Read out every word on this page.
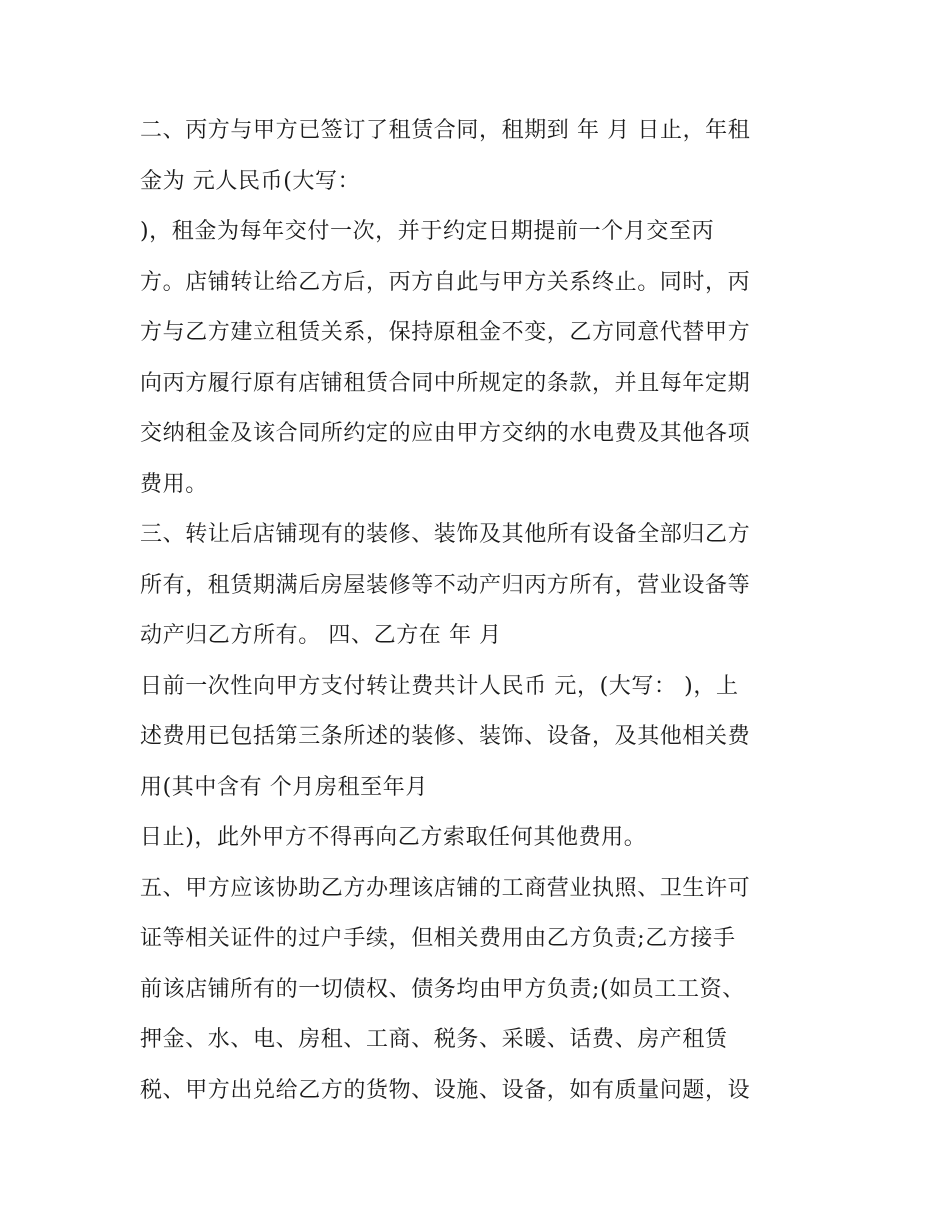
二、丙方与甲方已签订了租赁合同，租期到 年 月 日止，年租
金为 元人民币(大写：
)，租金为每年交付一次，并于约定日期提前一个月交至丙
方。店铺转让给乙方后，丙方自此与甲方关系终止。同时，丙
方与乙方建立租赁关系，保持原租金不变，乙方同意代替甲方
向丙方履行原有店铺租赁合同中所规定的条款，并且每年定期
交纳租金及该合同所约定的应由甲方交纳的水电费及其他各项
费用。
三、转让后店铺现有的装修、装饰及其他所有设备全部归乙方
所有，租赁期满后房屋装修等不动产归丙方所有，营业设备等
动产归乙方所有。 四、乙方在 年 月
日前一次性向甲方支付转让费共计人民币 元，(大写： )，上
述费用已包括第三条所述的装修、装饰、设备，及其他相关费
用(其中含有 个月房租至年月
日止)，此外甲方不得再向乙方索取任何其他费用。
五、甲方应该协助乙方办理该店铺的工商营业执照、卫生许可
证等相关证件的过户手续，但相关费用由乙方负责;乙方接手
前该店铺所有的一切债权、债务均由甲方负责;(如员工工资、
押金、水、电、房租、工商、税务、采暖、话费、房产租赁
税、甲方出兑给乙方的货物、设施、设备，如有质量问题，设
